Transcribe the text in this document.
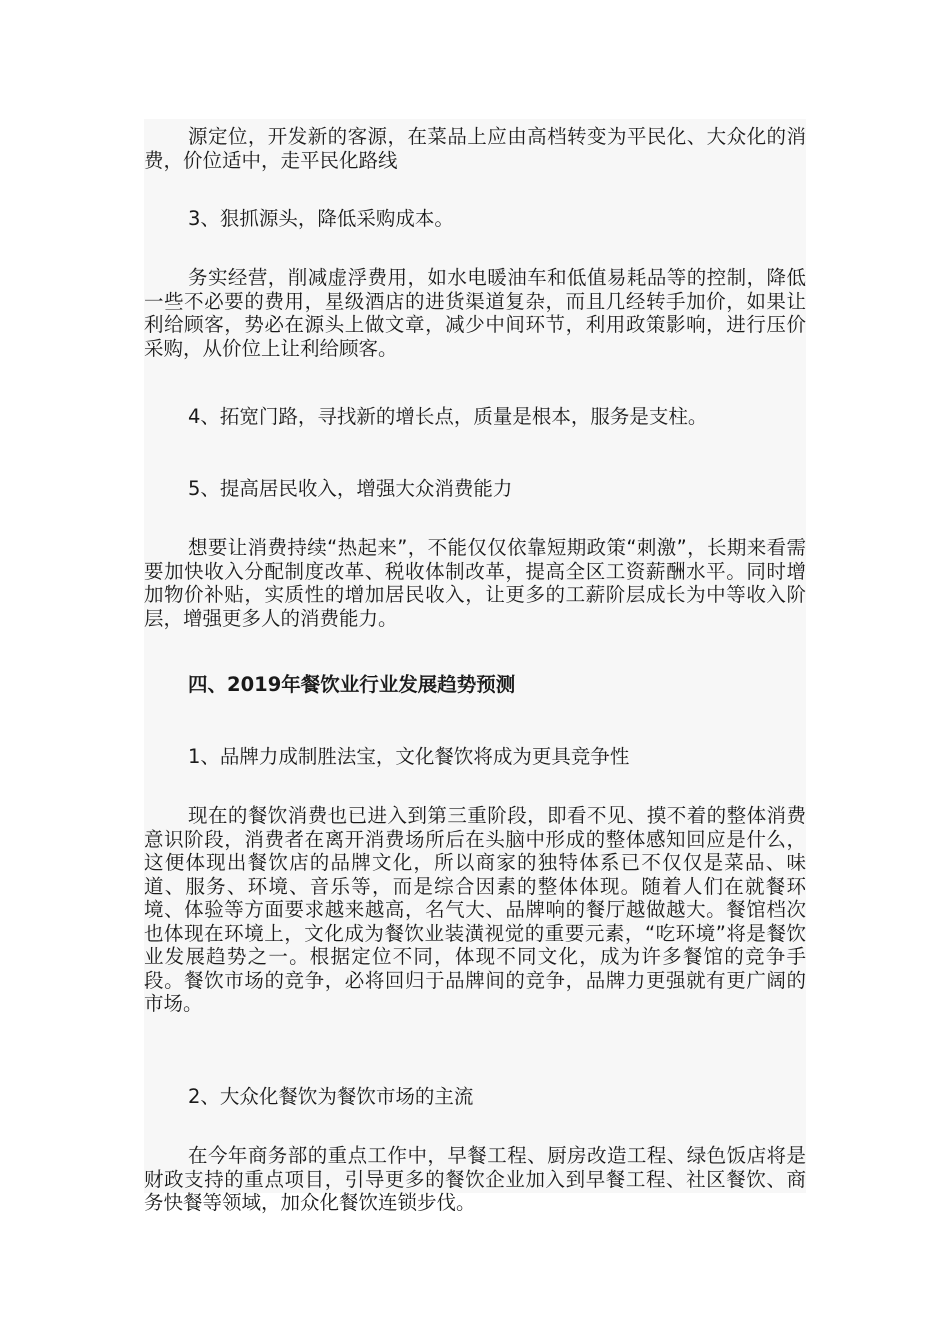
源定位，开发新的客源，在菜品上应由高档转变为平民化、大众化的消费，价位适中，走平民化路线

3、狠抓源头，降低采购成本。

务实经营，削减虚浮费用，如水电暖油车和低值易耗品等的控制，降低一些不必要的费用，星级酒店的进货渠道复杂，而且几经转手加价，如果让利给顾客，势必在源头上做文章，减少中间环节，利用政策影响，进行压价采购，从价位上让利给顾客。

4、拓宽门路，寻找新的增长点，质量是根本，服务是支柱。

5、提高居民收入，增强大众消费能力

想要让消费持续“热起来”，不能仅仅依靠短期政策“刺激”，长期来看需要加快收入分配制度改革、税收体制改革，提高全区工资薪酬水平。同时增加物价补贴，实质性的增加居民收入，让更多的工薪阶层成长为中等收入阶层，增强更多人的消费能力。

四、2019年餐饮业行业发展趋势预测

1、品牌力成制胜法宝，文化餐饮将成为更具竞争性

现在的餐饮消费也已进入到第三重阶段，即看不见、摸不着的整体消费意识阶段，消费者在离开消费场所后在头脑中形成的整体感知回应是什么，这便体现出餐饮店的品牌文化，所以商家的独特体系已不仅仅是菜品、味道、服务、环境、音乐等，而是综合因素的整体体现。随着人们在就餐环境、体验等方面要求越来越高，名气大、品牌响的餐厅越做越大。餐馆档次也体现在环境上，文化成为餐饮业装潢视觉的重要元素，“吃环境”将是餐饮业发展趋势之一。根据定位不同，体现不同文化，成为许多餐馆的竞争手段。餐饮市场的竞争，必将回归于品牌间的竞争，品牌力更强就有更广阔的市场。

2、大众化餐饮为餐饮市场的主流

在今年商务部的重点工作中，早餐工程、厨房改造工程、绿色饭店将是财政支持的重点项目，引导更多的餐饮企业加入到早餐工程、社区餐饮、商务快餐等领域，加众化餐饮连锁步伐。
